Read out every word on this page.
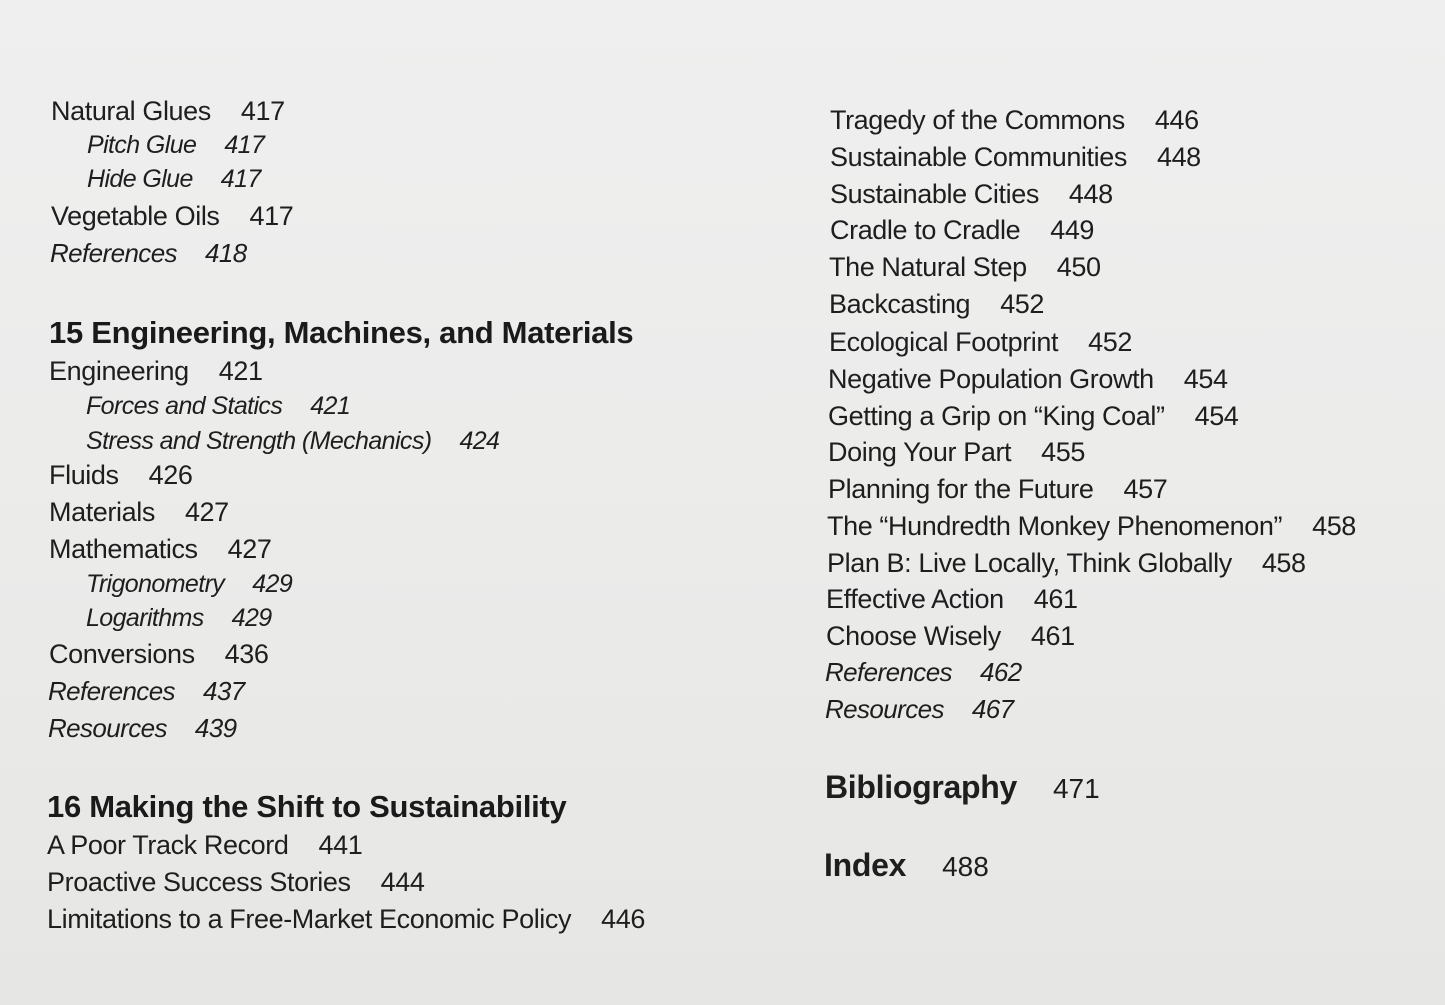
Natural Glues 417
Pitch Glue 417
Hide Glue 417
Vegetable Oils 417
References 418
15 Engineering, Machines, and Materials
Engineering 421
Forces and Statics 421
Stress and Strength (Mechanics) 424
Fluids 426
Materials 427
Mathematics 427
Trigonometry 429
Logarithms 429
Conversions 436
References 437
Resources 439
16 Making the Shift to Sustainability
A Poor Track Record 441
Proactive Success Stories 444
Limitations to a Free-Market Economic Policy 446
Tragedy of the Commons 446
Sustainable Communities 448
Sustainable Cities 448
Cradle to Cradle 449
The Natural Step 450
Backcasting 452
Ecological Footprint 452
Negative Population Growth 454
Getting a Grip on “King Coal” 454
Doing Your Part 455
Planning for the Future 457
The “Hundredth Monkey Phenomenon” 458
Plan B: Live Locally, Think Globally 458
Effective Action 461
Choose Wisely 461
References 462
Resources 467
Bibliography 471
Index 488
